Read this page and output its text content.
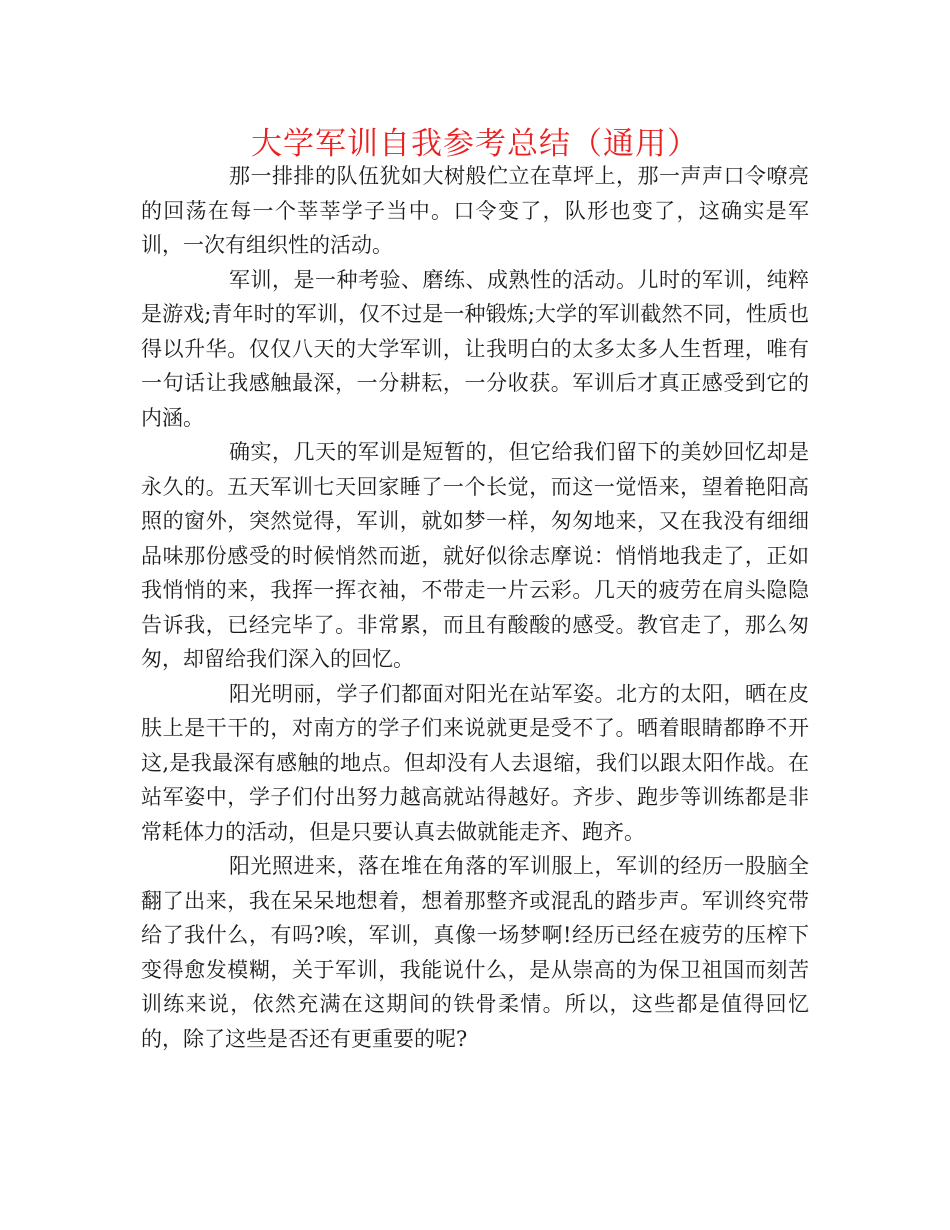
大学军训自我参考总结（通用）

那一排排的队伍犹如大树般伫立在草坪上，那一声声口令嘹亮的回荡在每一个莘莘学子当中。口令变了，队形也变了，这确实是军训，一次有组织性的活动。

军训，是一种考验、磨练、成熟性的活动。儿时的军训，纯粹是游戏;青年时的军训，仅不过是一种锻炼;大学的军训截然不同，性质也得以升华。仅仅八天的大学军训，让我明白的太多太多人生哲理，唯有一句话让我感触最深，一分耕耘，一分收获。军训后才真正感受到它的内涵。

确实，几天的军训是短暂的，但它给我们留下的美妙回忆却是永久的。五天军训七天回家睡了一个长觉，而这一觉悟来，望着艳阳高照的窗外，突然觉得，军训，就如梦一样，匆匆地来，又在我没有细细品味那份感受的时候悄然而逝，就好似徐志摩说：悄悄地我走了，正如我悄悄的来，我挥一挥衣袖，不带走一片云彩。几天的疲劳在肩头隐隐告诉我，已经完毕了。非常累，而且有酸酸的感受。教官走了，那么匆匆，却留给我们深入的回忆。

阳光明丽，学子们都面对阳光在站军姿。北方的太阳，晒在皮肤上是干干的，对南方的学子们来说就更是受不了。晒着眼睛都睁不开这,是我最深有感触的地点。但却没有人去退缩，我们以跟太阳作战。在站军姿中，学子们付出努力越高就站得越好。齐步、跑步等训练都是非常耗体力的活动，但是只要认真去做就能走齐、跑齐。

阳光照进来，落在堆在角落的军训服上，军训的经历一股脑全翻了出来，我在呆呆地想着，想着那整齐或混乱的踏步声。军训终究带给了我什么，有吗?唉，军训，真像一场梦啊!经历已经在疲劳的压榨下变得愈发模糊，关于军训，我能说什么，是从崇高的为保卫祖国而刻苦训练来说，依然充满在这期间的铁骨柔情。所以，这些都是值得回忆的，除了这些是否还有更重要的呢?
